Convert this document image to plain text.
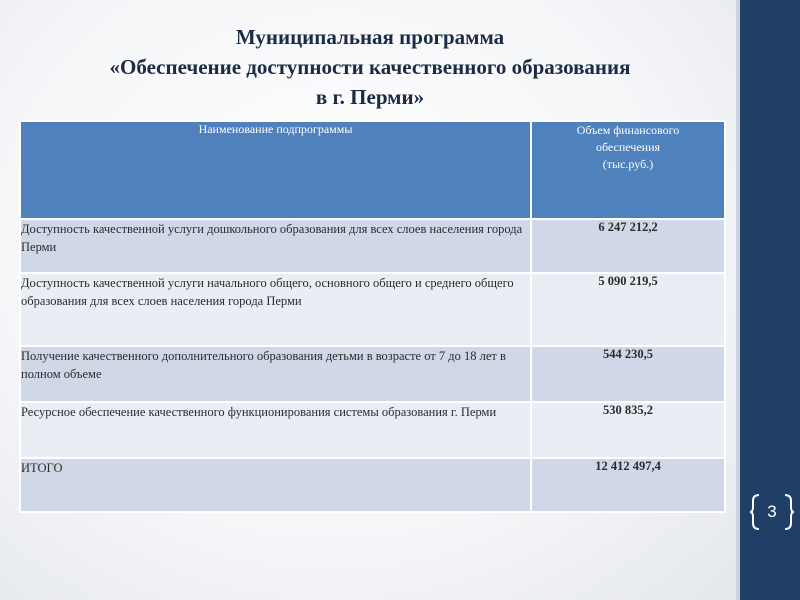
Муниципальная программа
«Обеспечение доступности качественного образования
в г. Перми»
Наименование подпрограммы	Объем финансового
обеспечения
(тыс.руб.)

Доступность качественной услуги дошкольного образования для всех слоев населения города Перми	6 247 212,2
Доступность качественной услуги начального общего, основного общего и среднего общего образования для всех слоев населения города Перми	5 090 219,5
Получение качественного дополнительного образования детьми в возрасте от 7 до 18 лет в полном объеме	544 230,5
Ресурсное обеспечение качественного функционирования системы образования г. Перми	530 835,2
ИТОГО	12 412 497,4
3
